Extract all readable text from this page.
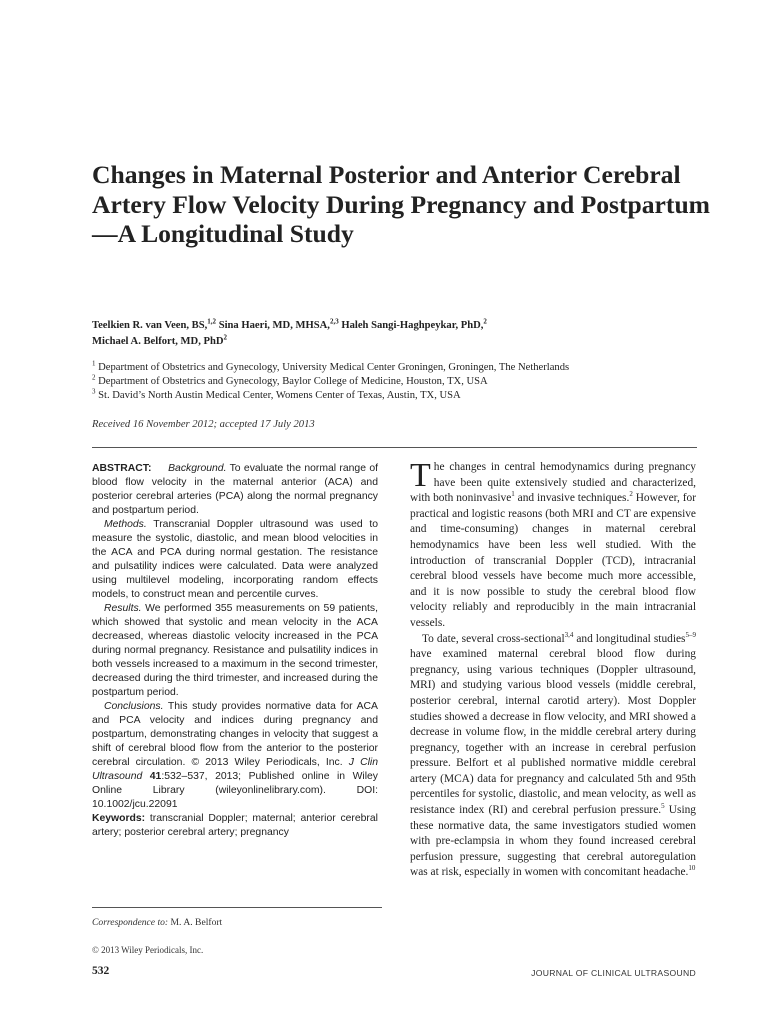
Changes in Maternal Posterior and Anterior Cerebral Artery Flow Velocity During Pregnancy and Postpartum—A Longitudinal Study
Teelkien R. van Veen, BS,$^{1,2}$ Sina Haeri, MD, MHSA,$^{2,3}$ Haleh Sangi-Haghpeykar, PhD,$^2$
Michael A. Belfort, MD, PhD$^2$
$^1$ Department of Obstetrics and Gynecology, University Medical Center Groningen, Groningen, The Netherlands
$^2$ Department of Obstetrics and Gynecology, Baylor College of Medicine, Houston, TX, USA
$^3$ St. David’s North Austin Medical Center, Womens Center of Texas, Austin, TX, USA
Received 16 November 2012; accepted 17 July 2013

ABSTRACT: Background. To evaluate the normal range of blood flow velocity in the maternal anterior (ACA) and posterior cerebral arteries (PCA) along the normal pregnancy and postpartum period.

Methods. Transcranial Doppler ultrasound was used to measure the systolic, diastolic, and mean blood velocities in the ACA and PCA during normal gestation. The resistance and pulsatility indices were calculated. Data were analyzed using multilevel modeling, incorporating random effects models, to construct mean and percentile curves.

Results. We performed 355 measurements on 59 patients, which showed that systolic and mean velocity in the ACA decreased, whereas diastolic velocity increased in the PCA during normal pregnancy. Resistance and pulsatility indices in both vessels increased to a maximum in the second trimester, decreased during the third trimester, and increased during the postpartum period.

Conclusions. This study provides normative data for ACA and PCA velocity and indices during pregnancy and postpartum, demonstrating changes in velocity that suggest a shift of cerebral blood flow from the anterior to the posterior cerebral circulation. © 2013 Wiley Periodicals, Inc. J Clin Ultrasound 41:532–537, 2013; Published online in Wiley Online Library (wileyonlinelibrary.com). DOI: 10.1002/jcu.22091

Keywords: transcranial Doppler; maternal; anterior cerebral artery; posterior cerebral artery; pregnancy

The changes in central hemodynamics during pregnancy have been quite extensively studied and characterized, with both noninvasive$^1$ and invasive techniques.$^2$ However, for practical and logistic reasons (both MRI and CT are expensive and time-consuming) changes in maternal cerebral hemodynamics have been less well studied. With the introduction of transcranial Doppler (TCD), intracranial cerebral blood vessels have become much more accessible, and it is now possible to study the cerebral blood flow velocity reliably and reproducibly in the main intracranial vessels.

To date, several cross-sectional$^{3,4}$ and longitudinal studies$^{5-9}$ have examined maternal cerebral blood flow during pregnancy, using various techniques (Doppler ultrasound, MRI) and studying various blood vessels (middle cerebral, posterior cerebral, internal carotid artery). Most Doppler studies showed a decrease in flow velocity, and MRI showed a decrease in volume flow, in the middle cerebral artery during pregnancy, together with an increase in cerebral perfusion pressure. Belfort et al published normative middle cerebral artery (MCA) data for pregnancy and calculated 5th and 95th percentiles for systolic, diastolic, and mean velocity, as well as resistance index (RI) and cerebral perfusion pressure.$^5$ Using these normative data, the same investigators studied women with pre-eclampsia in whom they found increased cerebral perfusion pressure, suggesting that cerebral autoregulation was at risk, especially in women with concomitant headache.$^{10}$

Correspondence to: M. A. Belfort
© 2013 Wiley Periodicals, Inc.
532	JOURNAL OF CLINICAL ULTRASOUND
